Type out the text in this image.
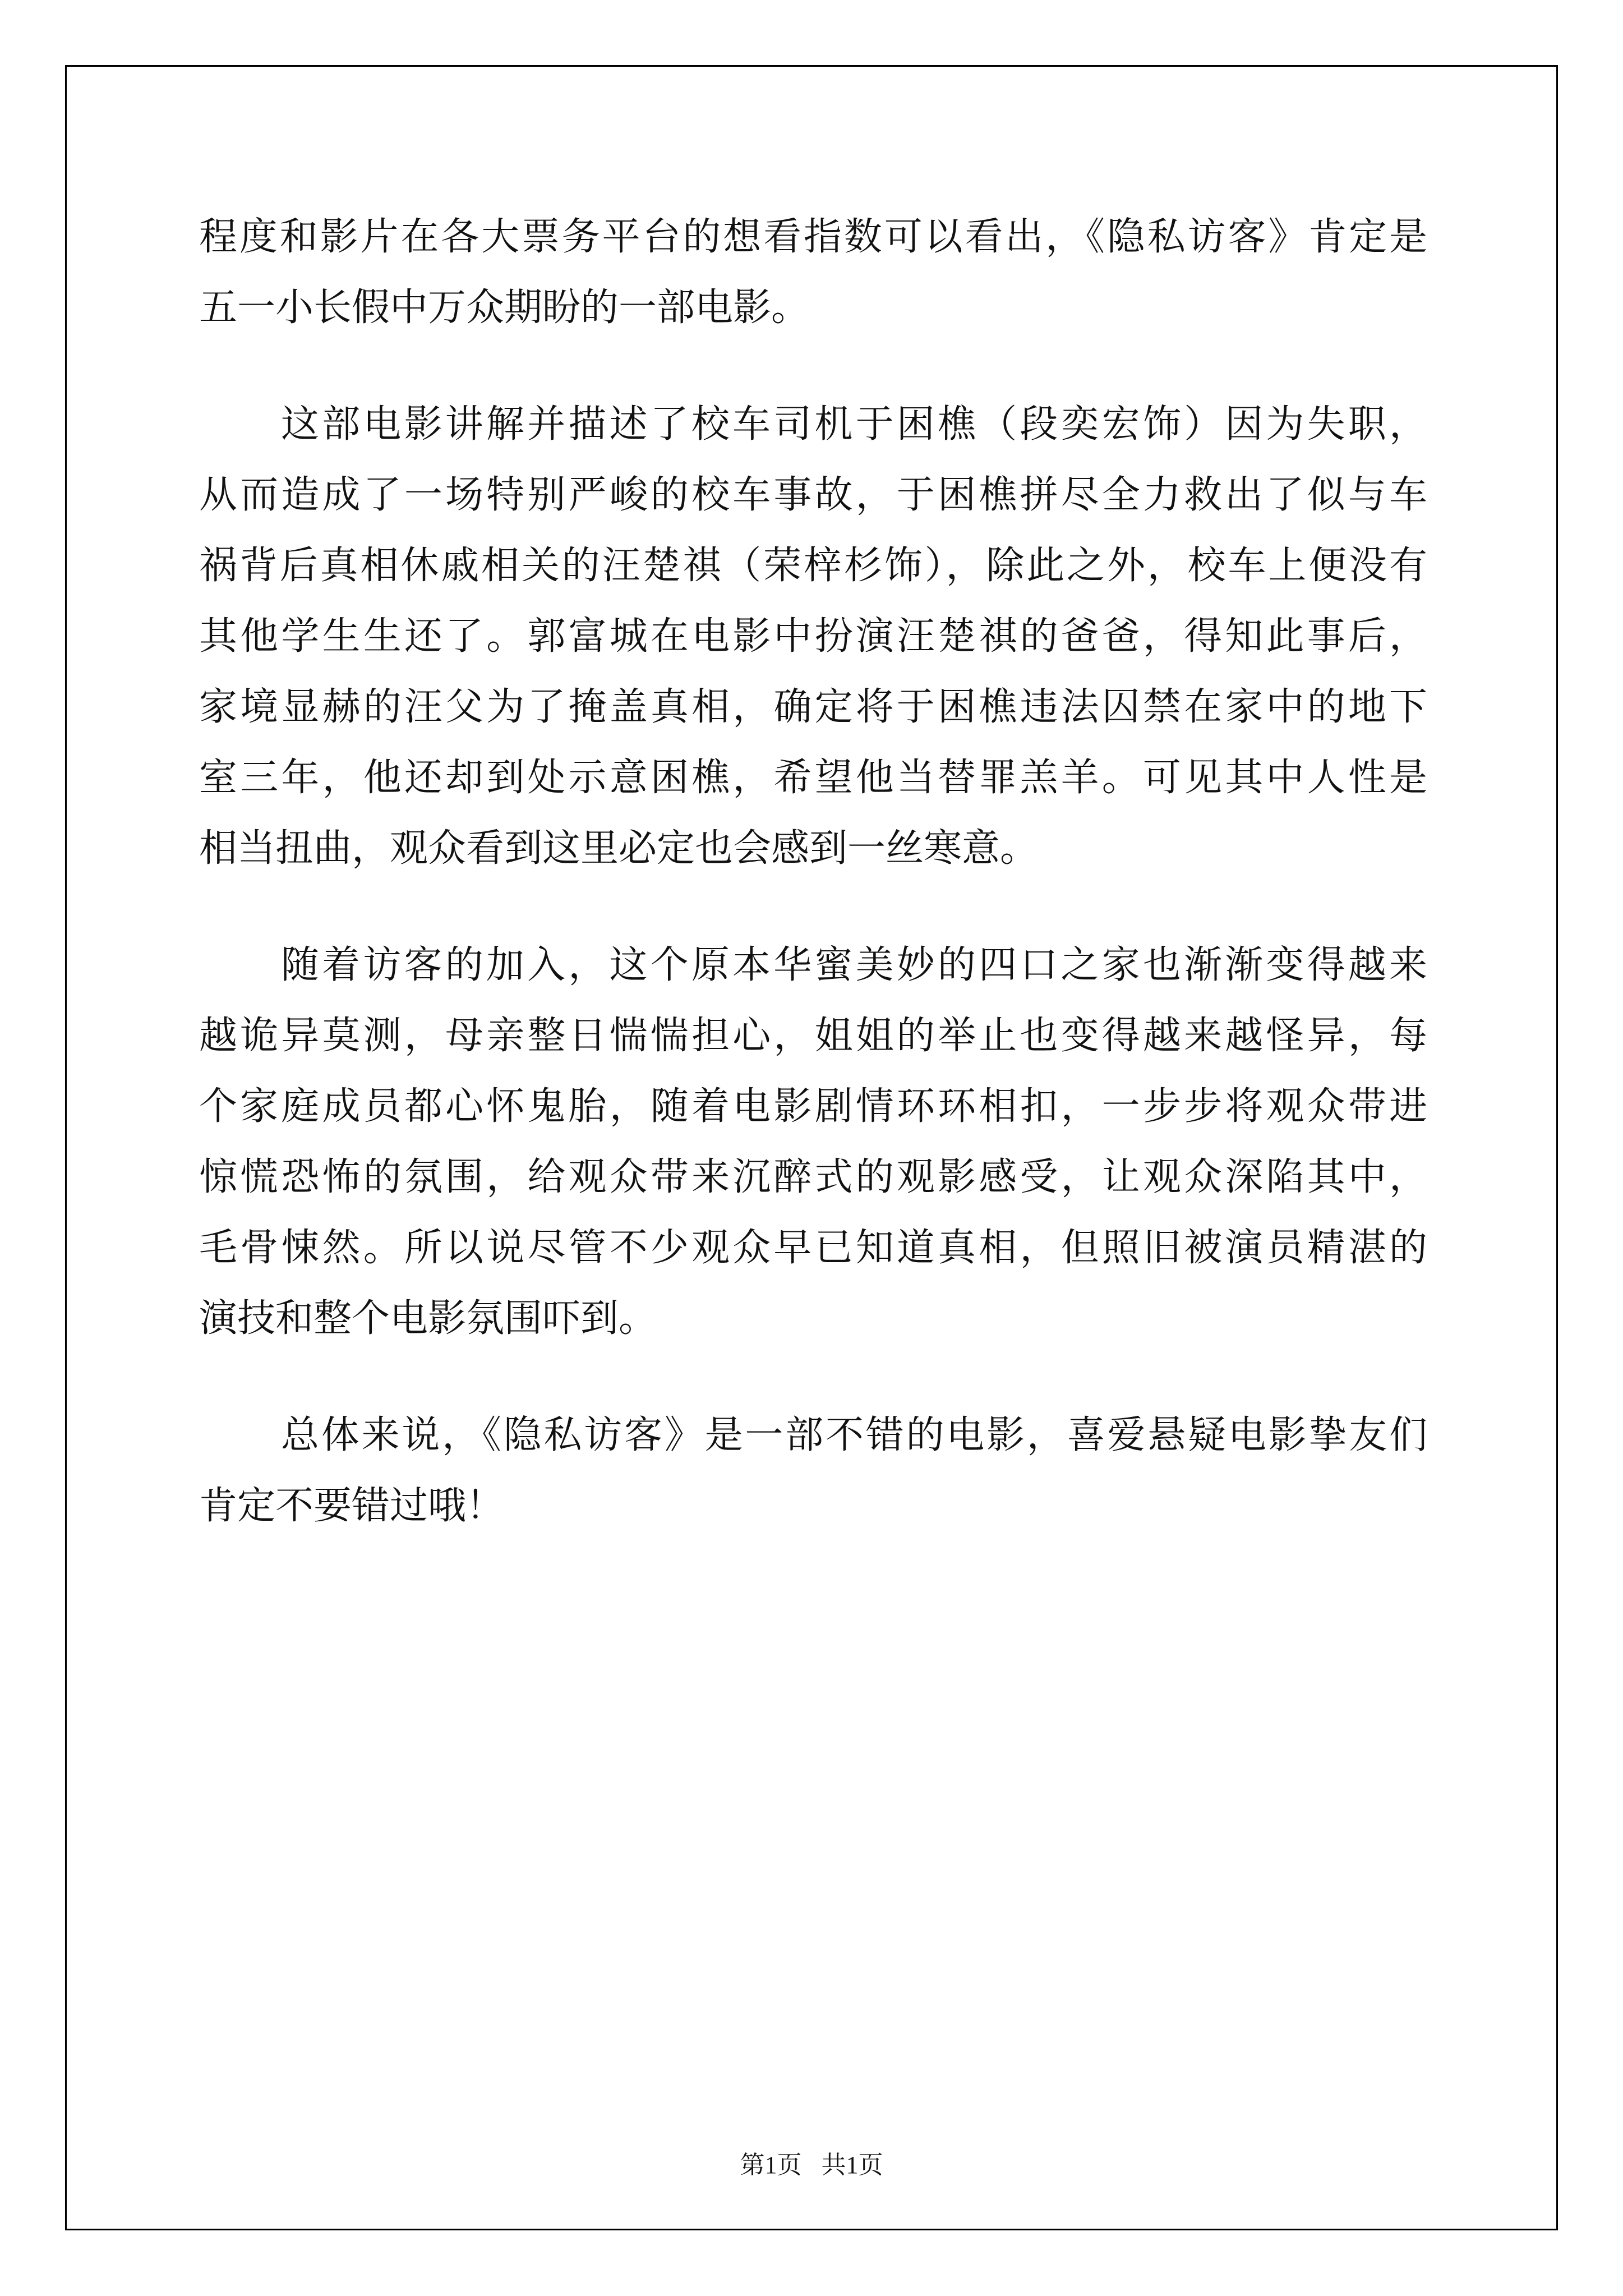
程度和影片在各大票务平台的想看指数可以看出，《隐私访客》肯定是
五一小长假中万众期盼的一部电影。
这部电影讲解并描述了校车司机于困樵（段奕宏饰）因为失职，
从而造成了一场特别严峻的校车事故，于困樵拼尽全力救出了似与车
祸背后真相休戚相关的汪楚祺（荣梓杉饰），除此之外，校车上便没有
其他学生生还了。郭富城在电影中扮演汪楚祺的爸爸，得知此事后，
家境显赫的汪父为了掩盖真相，确定将于困樵违法囚禁在家中的地下
室三年，他还却到处示意困樵，希望他当替罪羔羊。可见其中人性是
相当扭曲，观众看到这里必定也会感到一丝寒意。
随着访客的加入，这个原本华蜜美妙的四口之家也渐渐变得越来
越诡异莫测，母亲整日惴惴担心，姐姐的举止也变得越来越怪异，每
个家庭成员都心怀鬼胎，随着电影剧情环环相扣，一步步将观众带进
惊慌恐怖的氛围，给观众带来沉醉式的观影感受，让观众深陷其中，
毛骨悚然。所以说尽管不少观众早已知道真相，但照旧被演员精湛的
演技和整个电影氛围吓到。
总体来说，《隐私访客》是一部不错的电影，喜爱悬疑电影挚友们
肯定不要错过哦！
第1页 共1页
